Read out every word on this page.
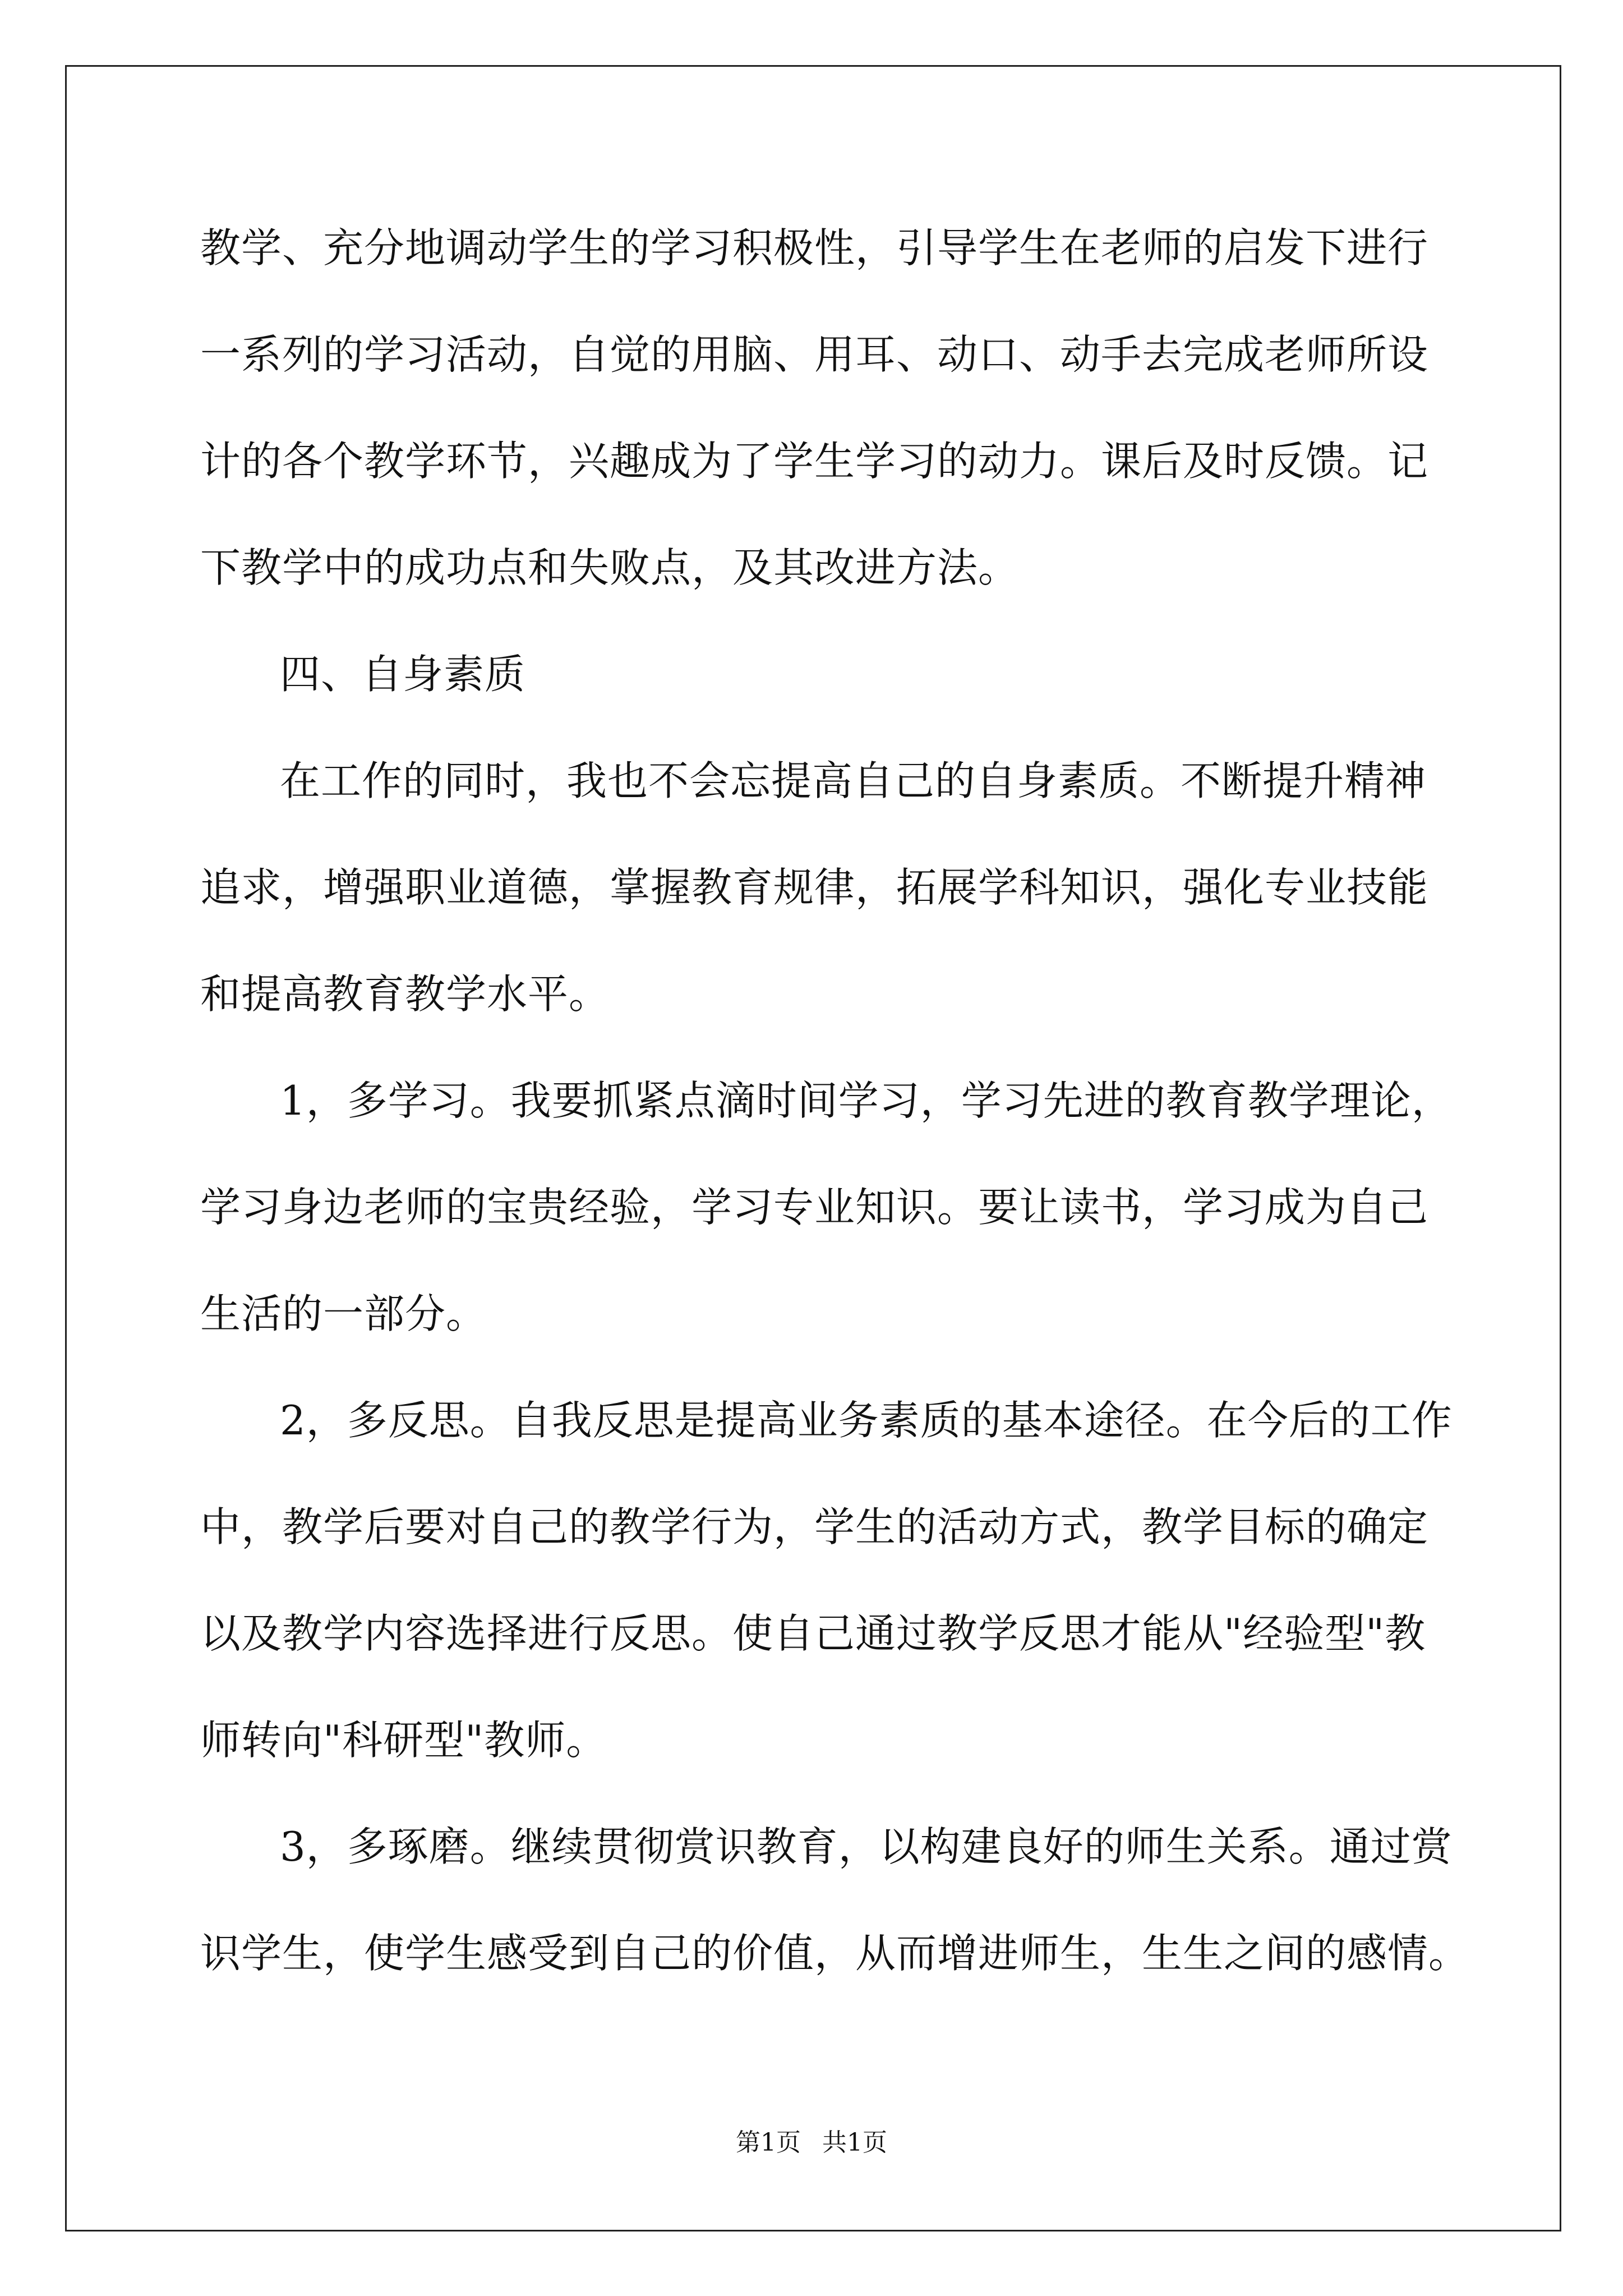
教学、充分地调动学生的学习积极性，引导学生在老师的启发下进行
一系列的学习活动，自觉的用脑、用耳、动口、动手去完成老师所设
计的各个教学环节，兴趣成为了学生学习的动力。课后及时反馈。记
下教学中的成功点和失败点，及其改进方法。
四、自身素质
在工作的同时，我也不会忘提高自己的自身素质。不断提升精神
追求，增强职业道德，掌握教育规律，拓展学科知识，强化专业技能
和提高教育教学水平。
1，多学习。我要抓紧点滴时间学习，学习先进的教育教学理论，
学习身边老师的宝贵经验，学习专业知识。要让读书，学习成为自己
生活的一部分。
2，多反思。自我反思是提高业务素质的基本途径。在今后的工作
中，教学后要对自己的教学行为，学生的活动方式，教学目标的确定
以及教学内容选择进行反思。使自己通过教学反思才能从"经验型"教
师转向"科研型"教师。
3，多琢磨。继续贯彻赏识教育，以构建良好的师生关系。通过赏
识学生，使学生感受到自己的价值，从而增进师生，生生之间的感情。
第1页 共1页
